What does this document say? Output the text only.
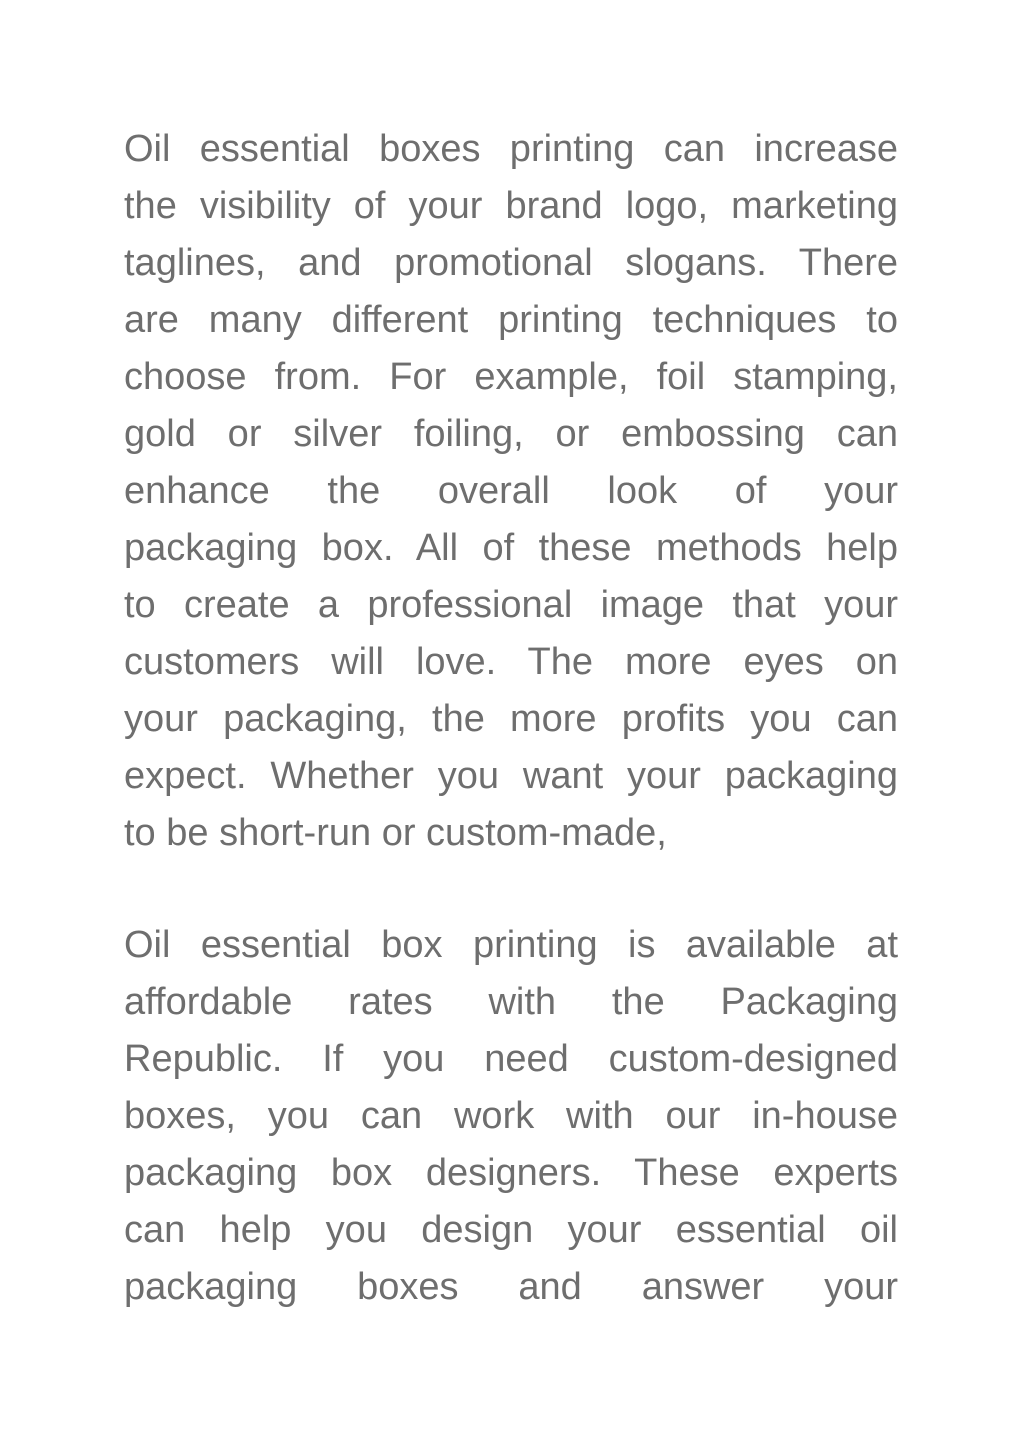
Oil essential boxes printing can increase
the visibility of your brand logo, marketing
taglines, and promotional slogans. There
are many different printing techniques to
choose from. For example, foil stamping,
gold or silver foiling, or embossing can
enhance the overall look of your
packaging box. All of these methods help
to create a professional image that your
customers will love. The more eyes on
your packaging, the more profits you can
expect. Whether you want your packaging
to be short-run or custom-made,
Oil essential box printing is available at
affordable rates with the Packaging
Republic. If you need custom-designed
boxes, you can work with our in-house
packaging box designers. These experts
can help you design your essential oil
packaging boxes and answer your
